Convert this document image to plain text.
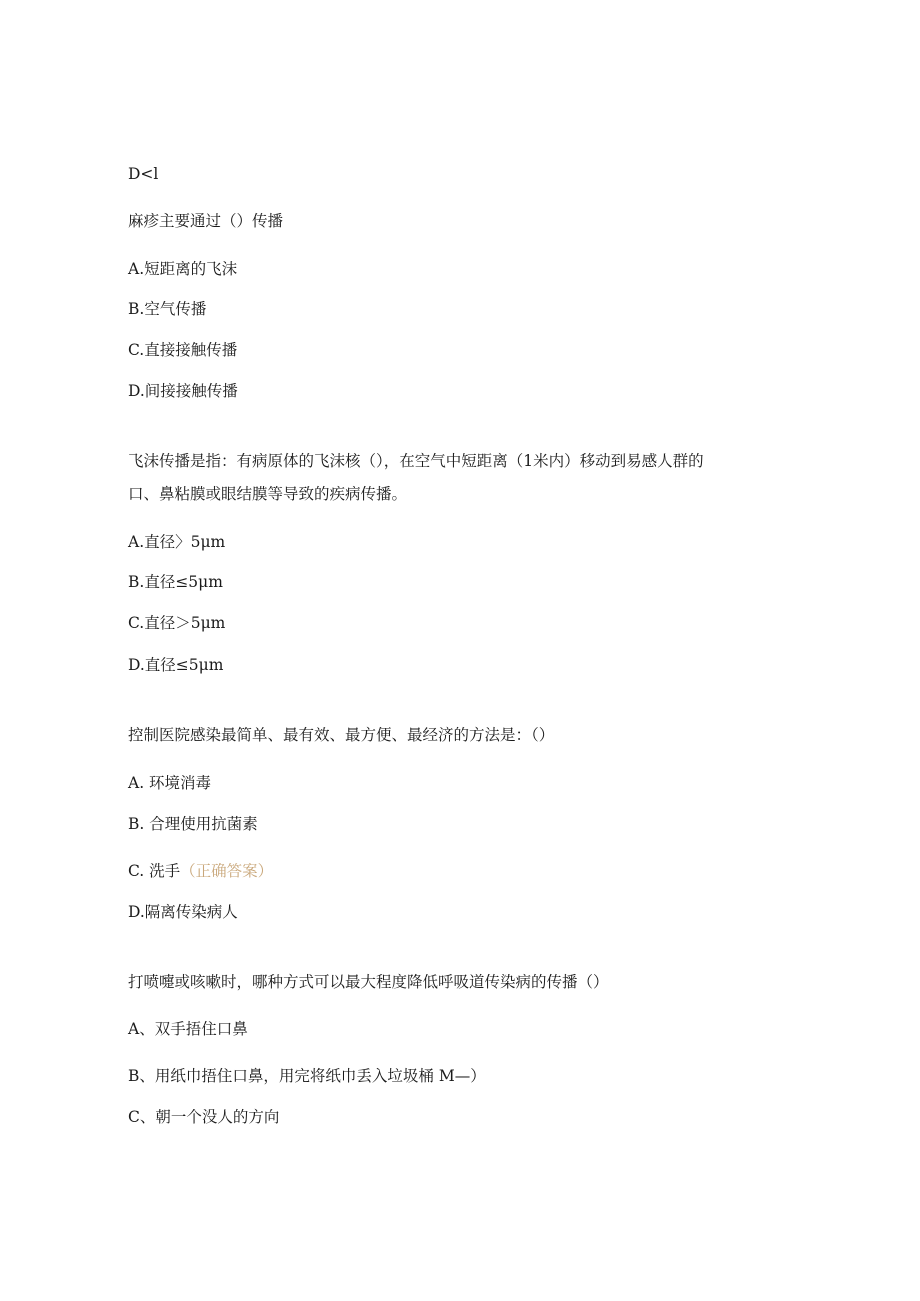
D<l
麻疹主要通过（）传播
A.短距离的飞沫
B.空气传播
C.直接接触传播
D.间接接触传播
飞沫传播是指：有病原体的飞沫核（），在空气中短距离（1米内）移动到易感人群的
口、鼻粘膜或眼结膜等导致的疾病传播。
A.直径〉5μm
B.直径≤5μm
C.直径＞5μm
D.直径≤5μm
控制医院感染最简单、最有效、最方便、最经济的方法是：（）
A. 环境消毒
B. 合理使用抗菌素
C. 洗手（正确答案）
D.隔离传染病人
打喷嚏或咳嗽时，哪种方式可以最大程度降低呼吸道传染病的传播（）
A、双手捂住口鼻
B、用纸巾捂住口鼻，用完将纸巾丢入垃圾桶 M—）
C、朝一个没人的方向
